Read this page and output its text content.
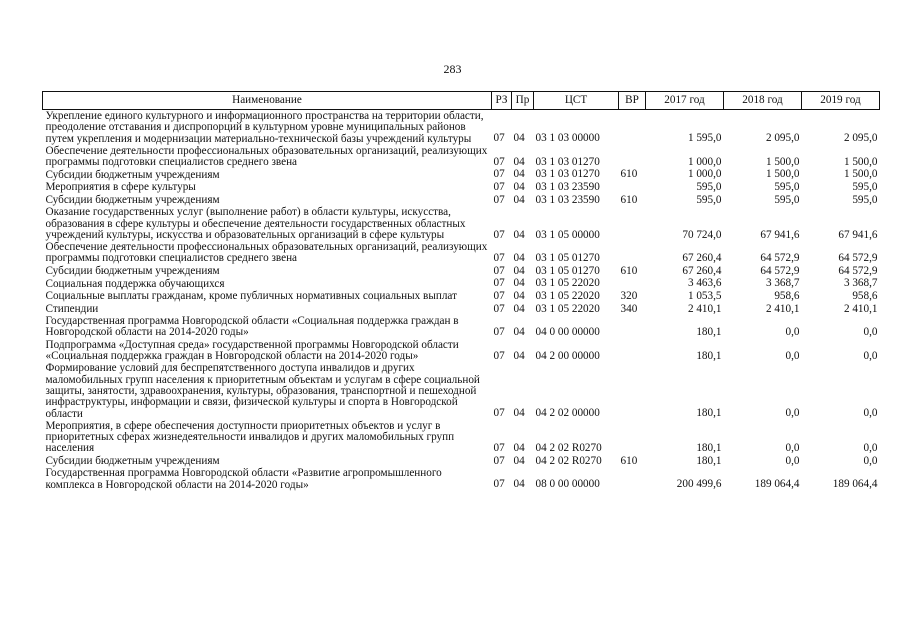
283
Наименование	РЗ	Пр	ЦСТ	ВР	2017 год	2018 год	2019 год
Укрепление единого культурного и информационного пространства на территории области, преодоление отставания и диспропорций в культурном уровне муниципальных районов путем укрепления и модернизации материально-технической базы учреждений культуры	07	04	03 1 03 00000		1 595,0	2 095,0	2 095,0
Обеспечение деятельности профессиональных образовательных организаций, реализующих программы подготовки специалистов среднего звена	07	04	03 1 03 01270		1 000,0	1 500,0	1 500,0
Субсидии бюджетным учреждениям	07	04	03 1 03 01270	610	1 000,0	1 500,0	1 500,0
Мероприятия в сфере культуры	07	04	03 1 03 23590		595,0	595,0	595,0
Субсидии бюджетным учреждениям	07	04	03 1 03 23590	610	595,0	595,0	595,0
Оказание государственных услуг (выполнение работ) в области культуры, искусства, образования в сфере культуры и обеспечение деятельности государственных областных учреждений культуры, искусства и образовательных организаций в сфере культуры	07	04	03 1 05 00000		70 724,0	67 941,6	67 941,6
Обеспечение деятельности профессиональных образовательных организаций, реализующих программы подготовки специалистов среднего звена	07	04	03 1 05 01270		67 260,4	64 572,9	64 572,9
Субсидии бюджетным учреждениям	07	04	03 1 05 01270	610	67 260,4	64 572,9	64 572,9
Социальная поддержка обучающихся	07	04	03 1 05 22020		3 463,6	3 368,7	3 368,7
Социальные выплаты гражданам, кроме публичных нормативных социальных выплат	07	04	03 1 05 22020	320	1 053,5	958,6	958,6
Стипендии	07	04	03 1 05 22020	340	2 410,1	2 410,1	2 410,1
Государственная программа Новгородской области «Социальная поддержка граждан в Новгородской области на 2014-2020 годы»	07	04	04 0 00 00000		180,1	0,0	0,0
Подпрограмма «Доступная среда» государственной программы Новгородской области «Социальная поддержка граждан в Новгородской области на 2014-2020 годы»	07	04	04 2 00 00000		180,1	0,0	0,0
Формирование условий для беспрепятственного доступа инвалидов и других маломобильных групп населения к приоритетным объектам и услугам в сфере социальной защиты, занятости, здравоохранения, культуры, образования, транспортной и пешеходной инфраструктуры, информации и связи, физической культуры и спорта в Новгородской области	07	04	04 2 02 00000		180,1	0,0	0,0
Мероприятия, в сфере обеспечения доступности приоритетных объектов и услуг в приоритетных сферах жизнедеятельности инвалидов и других маломобильных групп населения	07	04	04 2 02 R0270		180,1	0,0	0,0
Субсидии бюджетным учреждениям	07	04	04 2 02 R0270	610	180,1	0,0	0,0
Государственная программа Новгородской области «Развитие агропромышленного комплекса в Новгородской области на 2014-2020 годы»	07	04	08 0 00 00000		200 499,6	189 064,4	189 064,4
